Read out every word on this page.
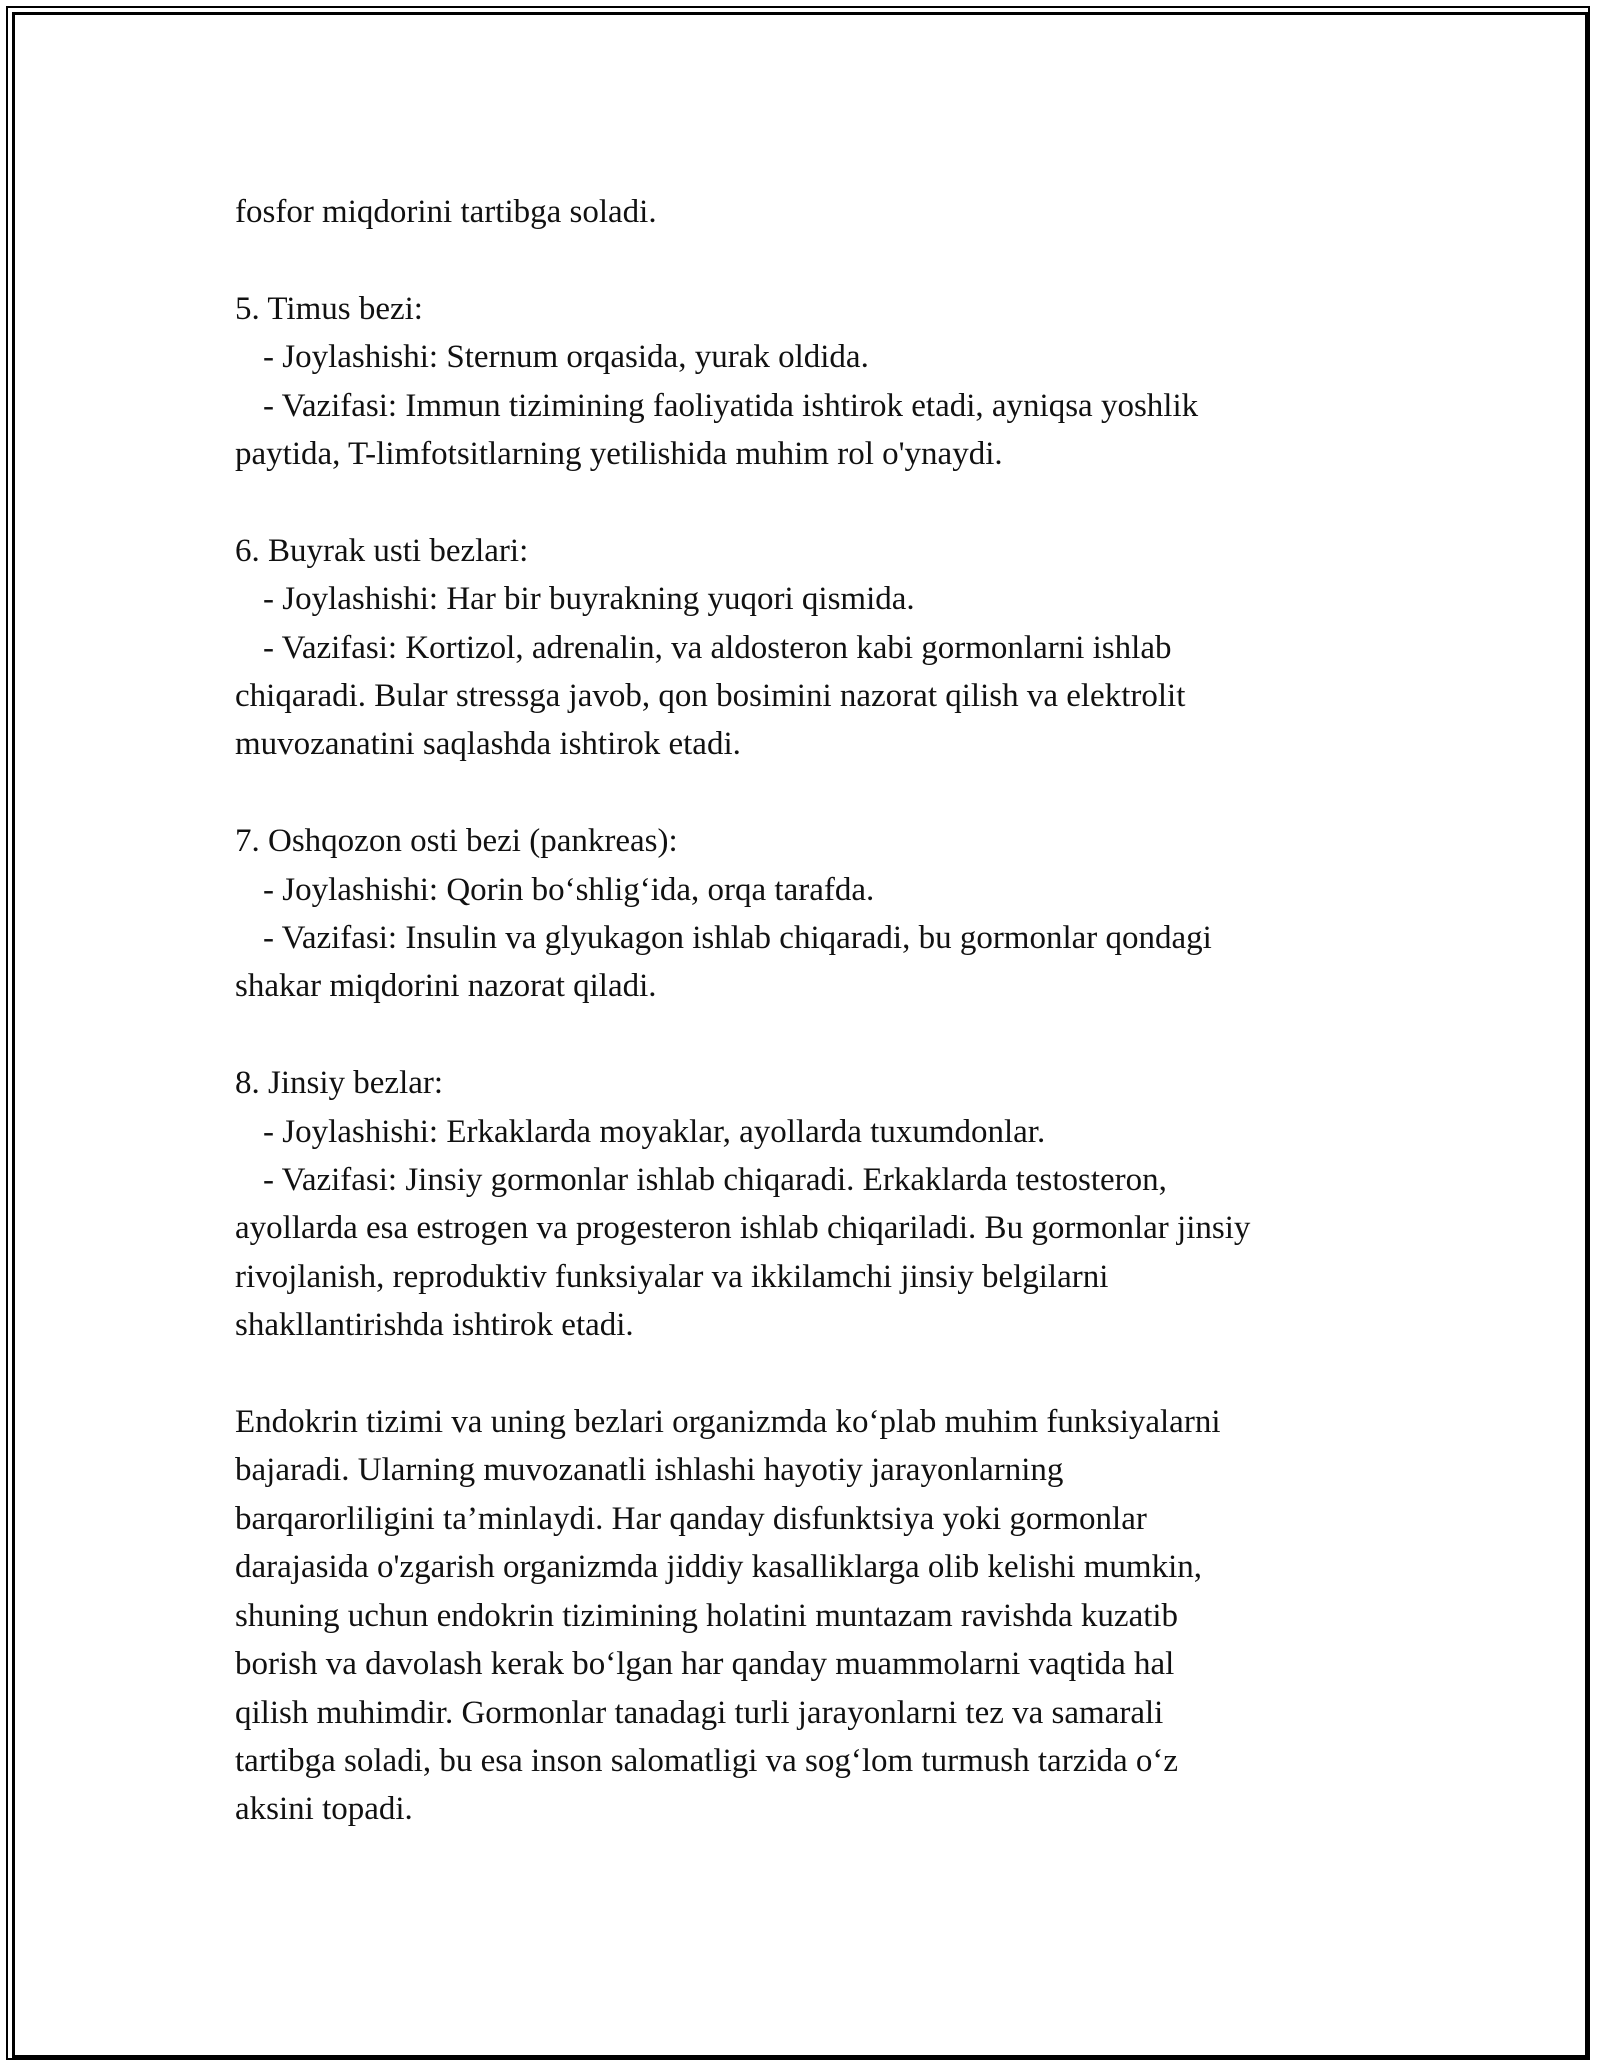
fosfor miqdorini tartibga soladi.
5. Timus bezi:
- Joylashishi: Sternum orqasida, yurak oldida.
- Vazifasi: Immun tizimining faoliyatida ishtirok etadi, ayniqsa yoshlik
paytida, T-limfotsitlarning yetilishida muhim rol o'ynaydi.
6. Buyrak usti bezlari:
- Joylashishi: Har bir buyrakning yuqori qismida.
- Vazifasi: Kortizol, adrenalin, va aldosteron kabi gormonlarni ishlab
chiqaradi. Bular stressga javob, qon bosimini nazorat qilish va elektrolit
muvozanatini saqlashda ishtirok etadi.
7. Oshqozon osti bezi (pankreas):
- Joylashishi: Qorin bo‘shlig‘ida, orqa tarafda.
- Vazifasi: Insulin va glyukagon ishlab chiqaradi, bu gormonlar qondagi
shakar miqdorini nazorat qiladi.
8. Jinsiy bezlar:
- Joylashishi: Erkaklarda moyaklar, ayollarda tuxumdonlar.
- Vazifasi: Jinsiy gormonlar ishlab chiqaradi. Erkaklarda testosteron,
ayollarda esa estrogen va progesteron ishlab chiqariladi. Bu gormonlar jinsiy
rivojlanish, reproduktiv funksiyalar va ikkilamchi jinsiy belgilarni
shakllantirishda ishtirok etadi.
Endokrin tizimi va uning bezlari organizmda ko‘plab muhim funksiyalarni
bajaradi. Ularning muvozanatli ishlashi hayotiy jarayonlarning
barqarorliligini ta’minlaydi. Har qanday disfunktsiya yoki gormonlar
darajasida o'zgarish organizmda jiddiy kasalliklarga olib kelishi mumkin,
shuning uchun endokrin tizimining holatini muntazam ravishda kuzatib
borish va davolash kerak bo‘lgan har qanday muammolarni vaqtida hal
qilish muhimdir. Gormonlar tanadagi turli jarayonlarni tez va samarali
tartibga soladi, bu esa inson salomatligi va sog‘lom turmush tarzida o‘z
aksini topadi.
